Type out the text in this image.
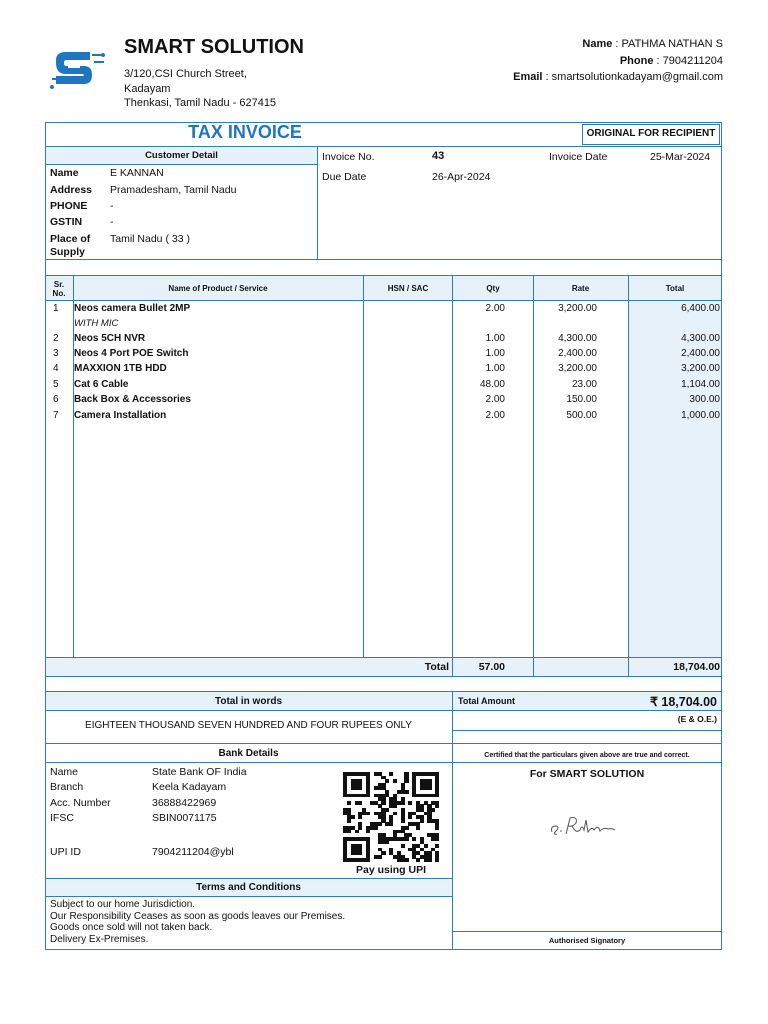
SMART SOLUTION
3/120,CSI Church Street,
Kadayam
Thenkasi, Tamil Nadu - 627415
Name : PATHMA NATHAN S
Phone : 7904211204
Email : smartsolutionkadayam@gmail.com
TAX INVOICE	ORIGINAL FOR RECIPIENT
Customer Detail
Name	E KANNAN
Address Pramadesham, Tamil Nadu
PHONE -
GSTIN	-
Place of
Supply
Tamil Nadu ( 33 )
Invoice No.	43	Invoice Date	25-Mar-2024
Due Date	26-Apr-2024
Sr.
No.
Name of Product / Service	HSN / SAC	Qty	Rate	Total
1 Neos camera Bullet 2MP	2.00	3,200.00	6,400.00
WITH MIC
2 Neos 5CH NVR	1.00	4,300.00	4,300.00
3 Neos 4 Port POE Switch	1.00	2,400.00	2,400.00
4 MAXXION 1TB HDD	1.00	3,200.00	3,200.00
5 Cat 6 Cable	48.00	23.00	1,104.00
6 Back Box & Accessories	2.00	150.00	300.00
7 Camera Installation	2.00	500.00	1,000.00
Total	57.00	18,704.00
Total in words
EIGHTEEN THOUSAND SEVEN HUNDRED AND FOUR RUPEES ONLY
Total Amount	₹ 18,704.00
(E & O.E.)
Bank Details
Name	State Bank OF India
Branch	Keela Kadayam
Acc. Number	36888422969
IFSC	SBIN0071175
UPI ID	7904211204@ybl
Pay using UPI
Certified that the particulars given above are true and correct.
For SMART SOLUTION
Authorised Signatory
Terms and Conditions
Subject to our home Jurisdiction.
Our Responsibility Ceases as soon as goods leaves our Premises.
Goods once sold will not taken back.
Delivery Ex-Premises.
